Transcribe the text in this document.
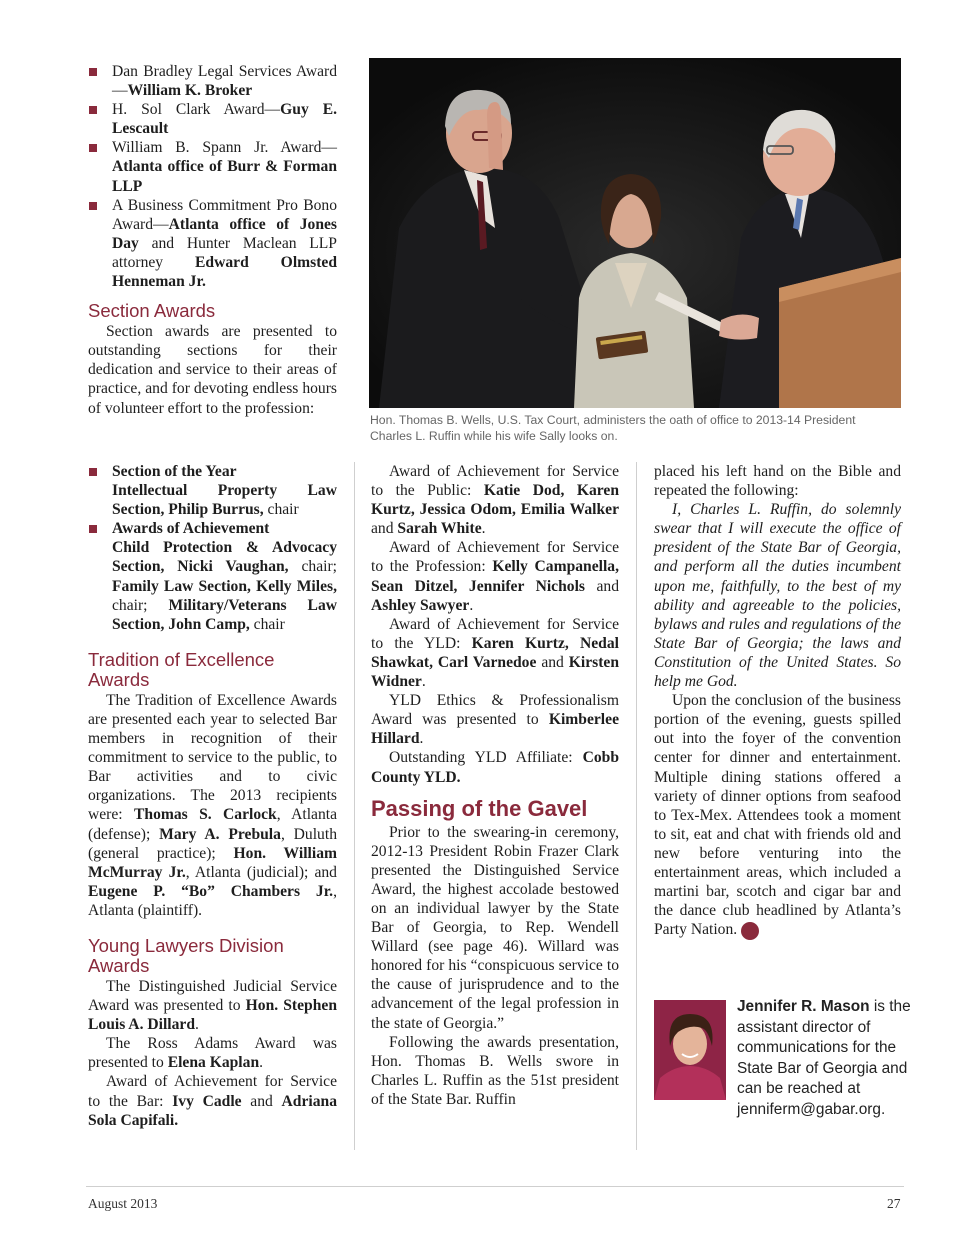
Dan Bradley Legal Services Award—William K. Broker
H. Sol Clark Award—Guy E. Lescault
William B. Spann Jr. Award—Atlanta office of Burr & Forman LLP
A Business Commitment Pro Bono Award—Atlanta office of Jones Day and Hunter Maclean LLP attorney Edward Olmsted Henneman Jr.
Section Awards

Section awards are presented to outstanding sections for their dedication and service to their areas of practice, and for devoting endless hours of volunteer effort to the profession:

Hon. Thomas B. Wells, U.S. Tax Court, administers the oath of office to 2013-14 President Charles L. Ruffin while his wife Sally looks on.
Section of the Year
Intellectual Property Law Section, Philip Burrus, chair
Awards of Achievement
Child Protection & Advocacy Section, Nicki Vaughan, chair; Family Law Section, Kelly Miles, chair; Military/Veterans Law Section, John Camp, chair
Tradition of Excellence Awards

The Tradition of Excellence Awards are presented each year to selected Bar members in recognition of their commitment to service to the public, to Bar activities and to civic organizations. The 2013 recipients were: Thomas S. Carlock, Atlanta (defense); Mary A. Prebula, Duluth (general practice); Hon. William McMurray Jr., Atlanta (judicial); and Eugene P. “Bo” Chambers Jr., Atlanta (plaintiff).

Young Lawyers Division Awards

The Distinguished Judicial Service Award was presented to Hon. Stephen Louis A. Dillard.

The Ross Adams Award was presented to Elena Kaplan.

Award of Achievement for Service to the Bar: Ivy Cadle and Adriana Sola Capifali.

Award of Achievement for Service to the Public: Katie Dod, Karen Kurtz, Jessica Odom, Emilia Walker and Sarah White.

Award of Achievement for Service to the Profession: Kelly Campanella, Sean Ditzel, Jennifer Nichols and Ashley Sawyer.

Award of Achievement for Service to the YLD: Karen Kurtz, Nedal Shawkat, Carl Varnedoe and Kirsten Widner.

YLD Ethics & Professionalism Award was presented to Kimberlee Hillard.

Outstanding YLD Affiliate: Cobb County YLD.

Passing of the Gavel

Prior to the swearing-in ceremony, 2012-13 President Robin Frazer Clark presented the Distinguished Service Award, the highest accolade bestowed on an individual lawyer by the State Bar of Georgia, to Rep. Wendell Willard (see page 46). Willard was honored for his “conspicuous service to the cause of jurisprudence and to the advancement of the legal profession in the state of Georgia.”

Following the awards presentation, Hon. Thomas B. Wells swore in Charles L. Ruffin as the 51st president of the State Bar. Ruffin

placed his left hand on the Bible and repeated the following:

I, Charles L. Ruffin, do solemnly swear that I will execute the office of president of the State Bar of Georgia, and perform all the duties incumbent upon me, faithfully, to the best of my ability and agreeable to the policies, bylaws and rules and regulations of the State Bar of Georgia; the laws and Constitution of the United States. So help me God.

Upon the conclusion of the business portion of the evening, guests spilled out into the foyer of the convention center for dinner and entertainment. Multiple dining stations offered a variety of dinner options from seafood to Tex-Mex. Attendees took a moment to sit, eat and chat with friends old and new before venturing into the entertainment areas, which included a martini bar, scotch and cigar bar and the dance club headlined by Atlanta’s Party Nation.	GBJ

Jennifer R. Mason is the assistant director of communications for the State Bar of Georgia and can be reached at jenniferm@gabar.org.
August 2013	27
